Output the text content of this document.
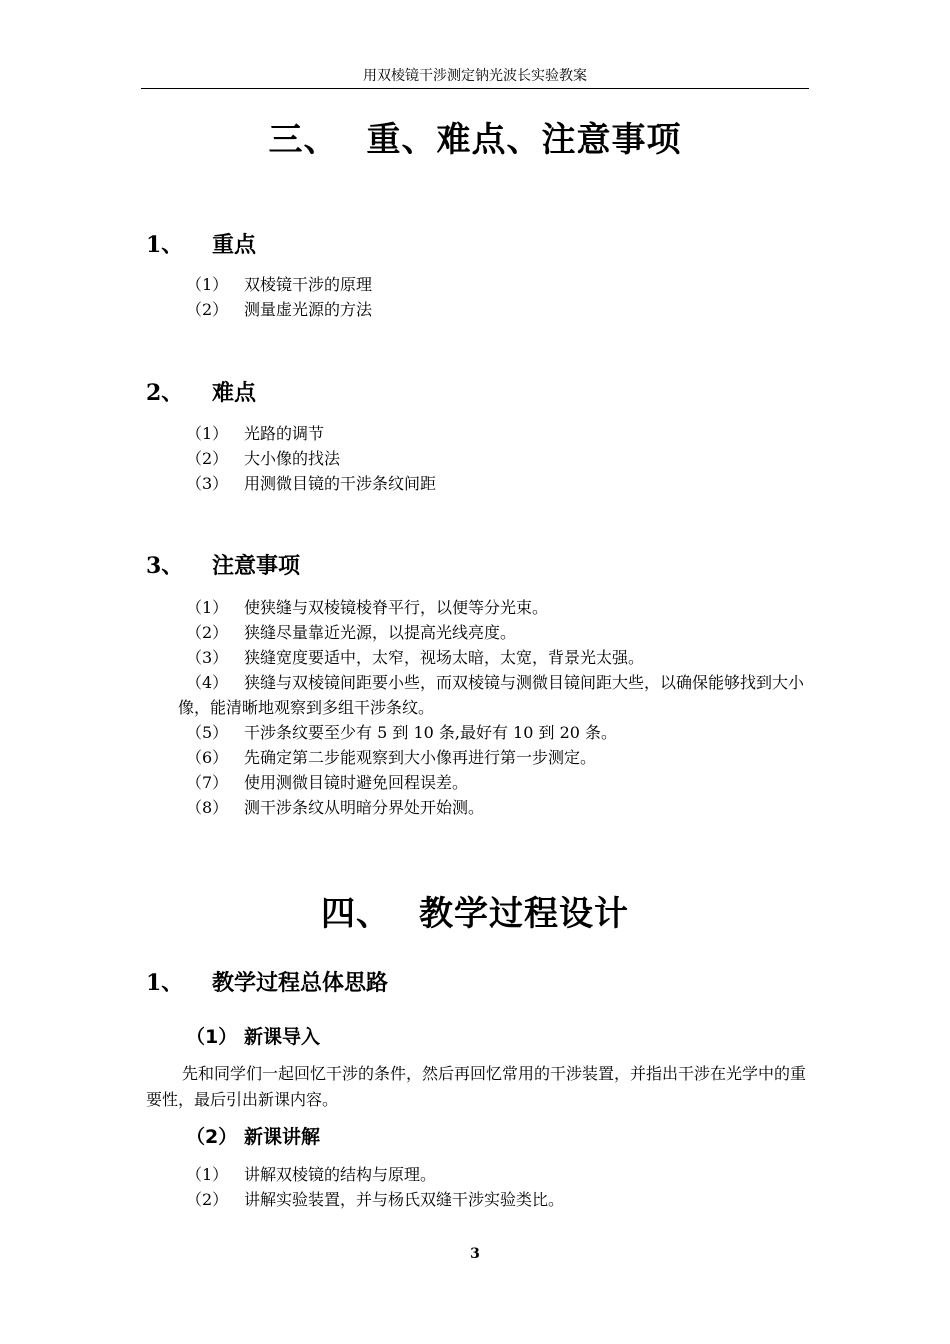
用双棱镜干涉测定钠光波长实验教案
三、 重、难点、注意事项
1、 重点
（1） 双棱镜干涉的原理
（2） 测量虚光源的方法
2、 难点
（1） 光路的调节
（2） 大小像的找法
（3） 用测微目镜的干涉条纹间距
3、 注意事项
（1） 使狭缝与双棱镜棱脊平行，以便等分光束。
（2） 狭缝尽量靠近光源，以提高光线亮度。
（3） 狭缝宽度要适中，太窄，视场太暗，太宽，背景光太强。
（4） 狭缝与双棱镜间距要小些，而双棱镜与测微目镜间距大些，以确保能够找到大小像，能清晰地观察到多组干涉条纹。
（5） 干涉条纹要至少有 5 到 10 条,最好有 10 到 20 条。
（6） 先确定第二步能观察到大小像再进行第一步测定。
（7） 使用测微目镜时避免回程误差。
（8） 测干涉条纹从明暗分界处开始测。
四、 教学过程设计
1、 教学过程总体思路
（1） 新课导入
先和同学们一起回忆干涉的条件，然后再回忆常用的干涉装置，并指出干涉在光学中的重要性，最后引出新课内容。
（2） 新课讲解
（1） 讲解双棱镜的结构与原理。
（2） 讲解实验装置，并与杨氏双缝干涉实验类比。
3
